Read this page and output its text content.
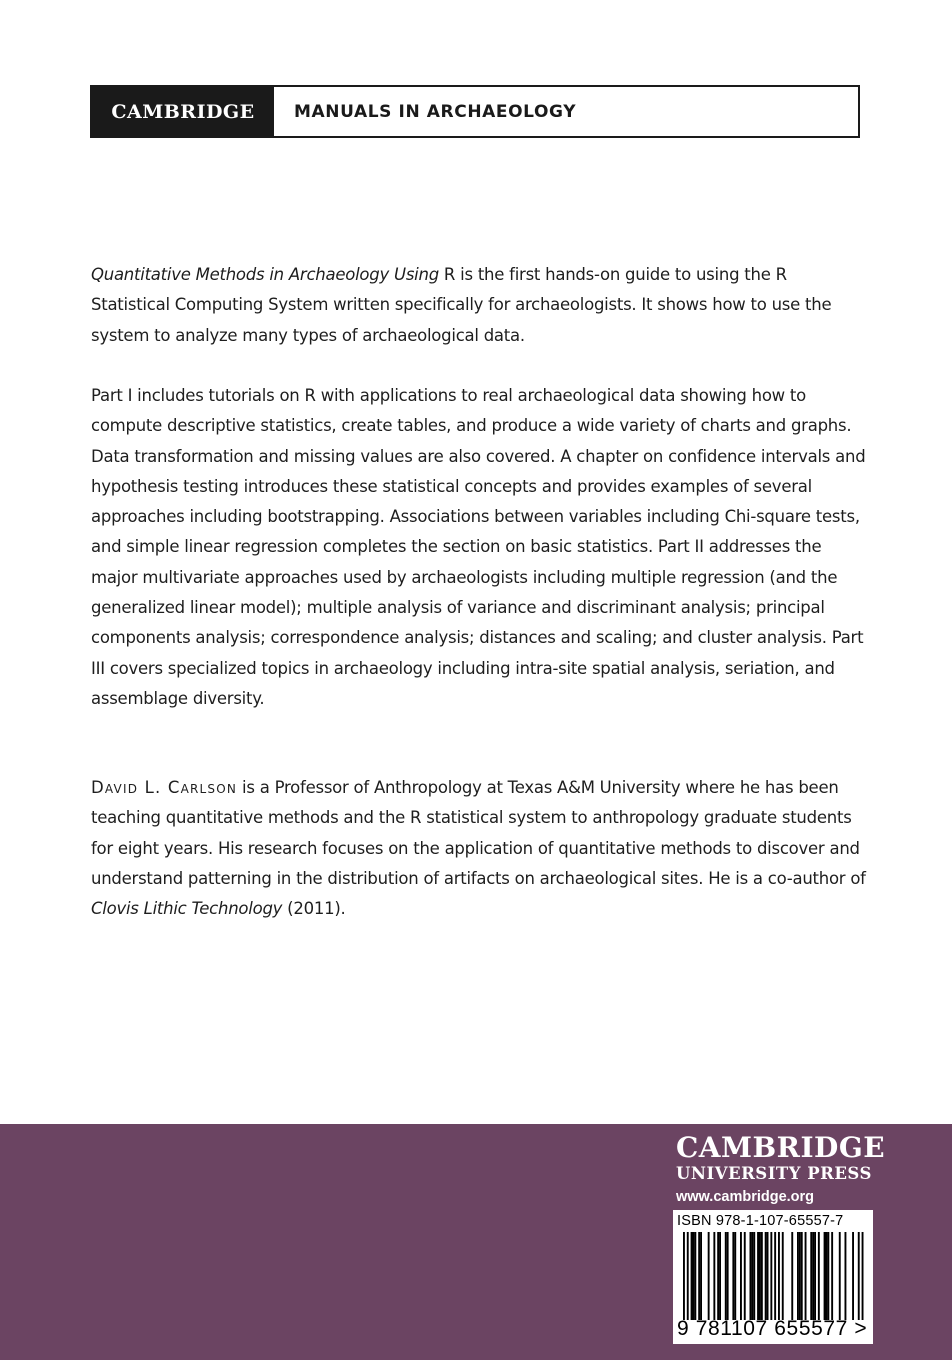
CAMBRIDGE	MANUALS IN ARCHAEOLOGY
Quantitative Methods in Archaeology Using R is the first hands-on guide to using the R Statistical Computing System written specifically for archaeologists. It shows how to use the system to analyze many types of archaeological data.
Part I includes tutorials on R with applications to real archaeological data showing how to compute descriptive statistics, create tables, and produce a wide variety of charts and graphs. Data transformation and missing values are also covered. A chapter on confidence intervals and hypothesis testing introduces these statistical concepts and provides examples of several approaches including bootstrapping. Associations between variables including Chi-square tests, and simple linear regression completes the section on basic statistics. Part II addresses the major multivariate approaches used by archaeologists including multiple regression (and the generalized linear model); multiple analysis of variance and discriminant analysis; principal components analysis; correspondence analysis; distances and scaling; and cluster analysis. Part III covers specialized topics in archaeology including intra-site spatial analysis, seriation, and assemblage diversity.
David L. Carlson is a Professor of Anthropology at Texas A&M University where he has been teaching quantitative methods and the R statistical system to anthropology graduate students for eight years. His research focuses on the application of quantitative methods to discover and understand patterning in the distribution of artifacts on archaeological sites. He is a co-author of Clovis Lithic Technology (2011).
CAMBRIDGE
UNIVERSITY PRESS
www.cambridge.org
ISBN 978-1-107-65557-7
9 781107 655577 >
